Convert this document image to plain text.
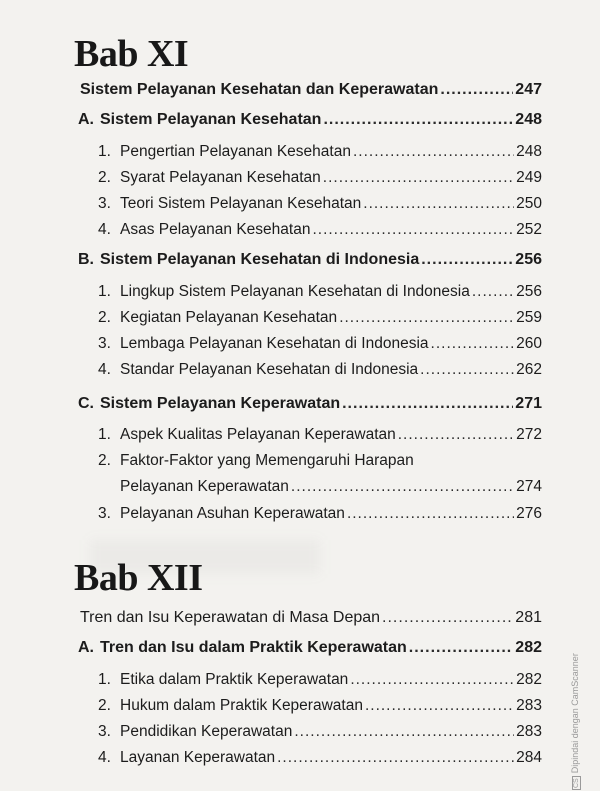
Bab XI
Sistem Pelayanan Kesehatan dan Keperawatan .....	247
A. Sistem Pelayanan Kesehatan .....	248
1. Pengertian Pelayanan Kesehatan .....	248
2. Syarat Pelayanan Kesehatan .....	249
3. Teori Sistem Pelayanan Kesehatan .....	250
4. Asas Pelayanan Kesehatan .....	252
B. Sistem Pelayanan Kesehatan di Indonesia .....	256
1. Lingkup Sistem Pelayanan Kesehatan di Indonesia .....	256
2. Kegiatan Pelayanan Kesehatan .....	259
3. Lembaga Pelayanan Kesehatan di Indonesia .....	260
4. Standar Pelayanan Kesehatan di Indonesia .....	262
C. Sistem Pelayanan Keperawatan .....	271
1. Aspek Kualitas Pelayanan Keperawatan .....	272
2. Faktor-Faktor yang Memengaruhi Harapan
Pelayanan Keperawatan .....	274
3. Pelayanan Asuhan Keperawatan .....	276
Bab XII
Tren dan Isu Keperawatan di Masa Depan .....	281
A. Tren dan Isu dalam Praktik Keperawatan .....	282
1. Etika dalam Praktik Keperawatan .....	282
2. Hukum dalam Praktik Keperawatan .....	283
3. Pendidikan Keperawatan .....	283
4. Layanan Keperawatan .....	284
CSDipindai dengan CamScanner
